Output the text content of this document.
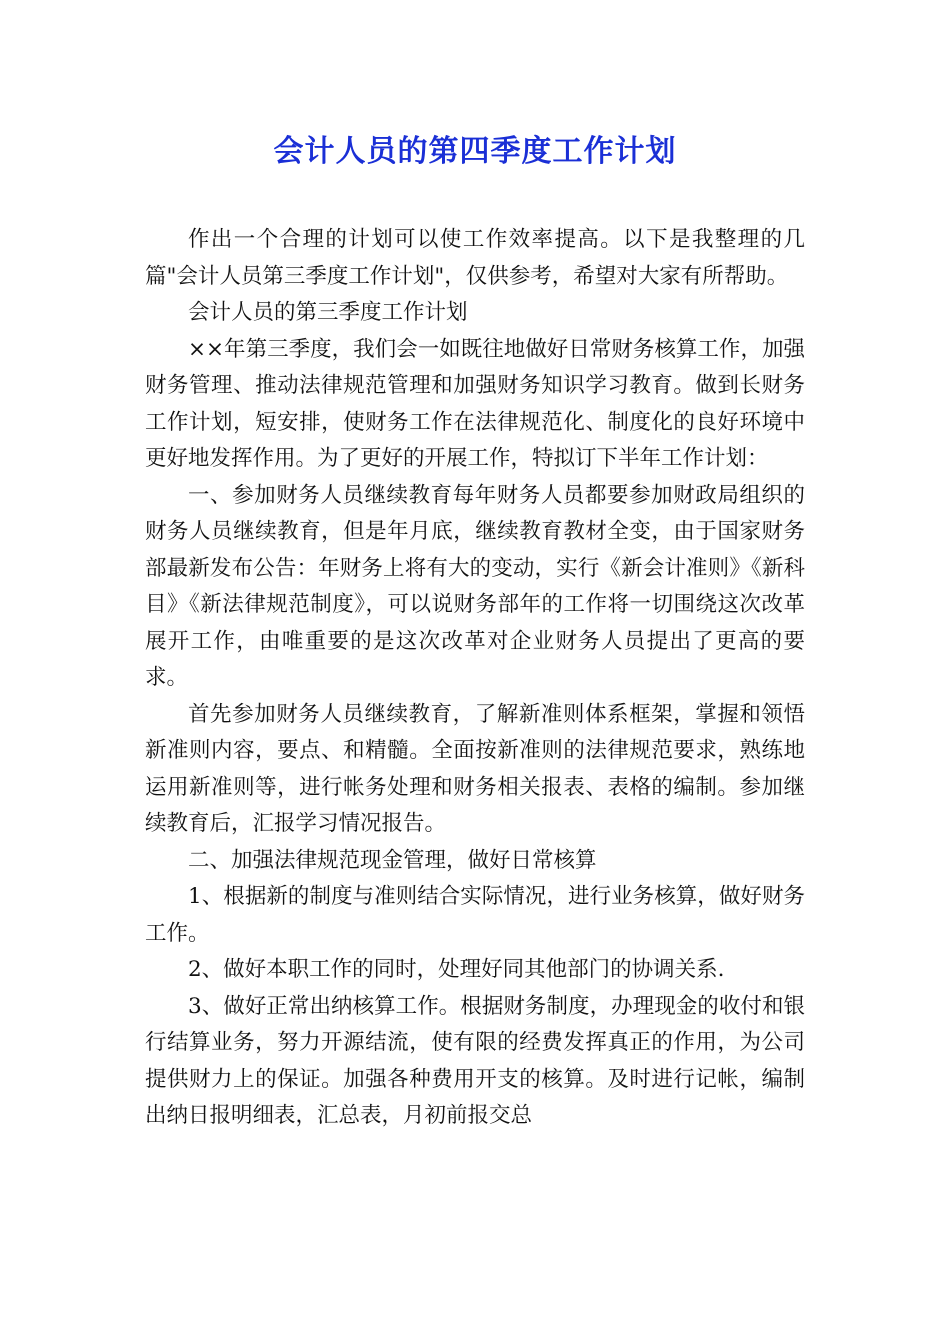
会计人员的第四季度工作计划

作出一个合理的计划可以使工作效率提高。以下是我整理的几篇"会计人员第三季度工作计划"，仅供参考，希望对大家有所帮助。

会计人员的第三季度工作计划

××年第三季度，我们会一如既往地做好日常财务核算工作，加强财务管理、推动法律规范管理和加强财务知识学习教育。做到长财务工作计划，短安排，使财务工作在法律规范化、制度化的良好环境中更好地发挥作用。为了更好的开展工作，特拟订下半年工作计划：

一、参加财务人员继续教育每年财务人员都要参加财政局组织的财务人员继续教育，但是年月底，继续教育教材全变，由于国家财务部最新发布公告：年财务上将有大的变动，实行《新会计准则》《新科目》《新法律规范制度》，可以说财务部年的工作将一切围绕这次改革展开工作，由唯重要的是这次改革对企业财务人员提出了更高的要求。

首先参加财务人员继续教育，了解新准则体系框架，掌握和领悟新准则内容，要点、和精髓。全面按新准则的法律规范要求，熟练地运用新准则等，进行帐务处理和财务相关报表、表格的编制。参加继续教育后，汇报学习情况报告。

二、加强法律规范现金管理，做好日常核算

1、根据新的制度与准则结合实际情况，进行业务核算，做好财务工作。

2、做好本职工作的同时，处理好同其他部门的协调关系.

3、做好正常出纳核算工作。根据财务制度，办理现金的收付和银行结算业务，努力开源结流，使有限的经费发挥真正的作用，为公司提供财力上的保证。加强各种费用开支的核算。及时进行记帐，编制出纳日报明细表，汇总表，月初前报交总
